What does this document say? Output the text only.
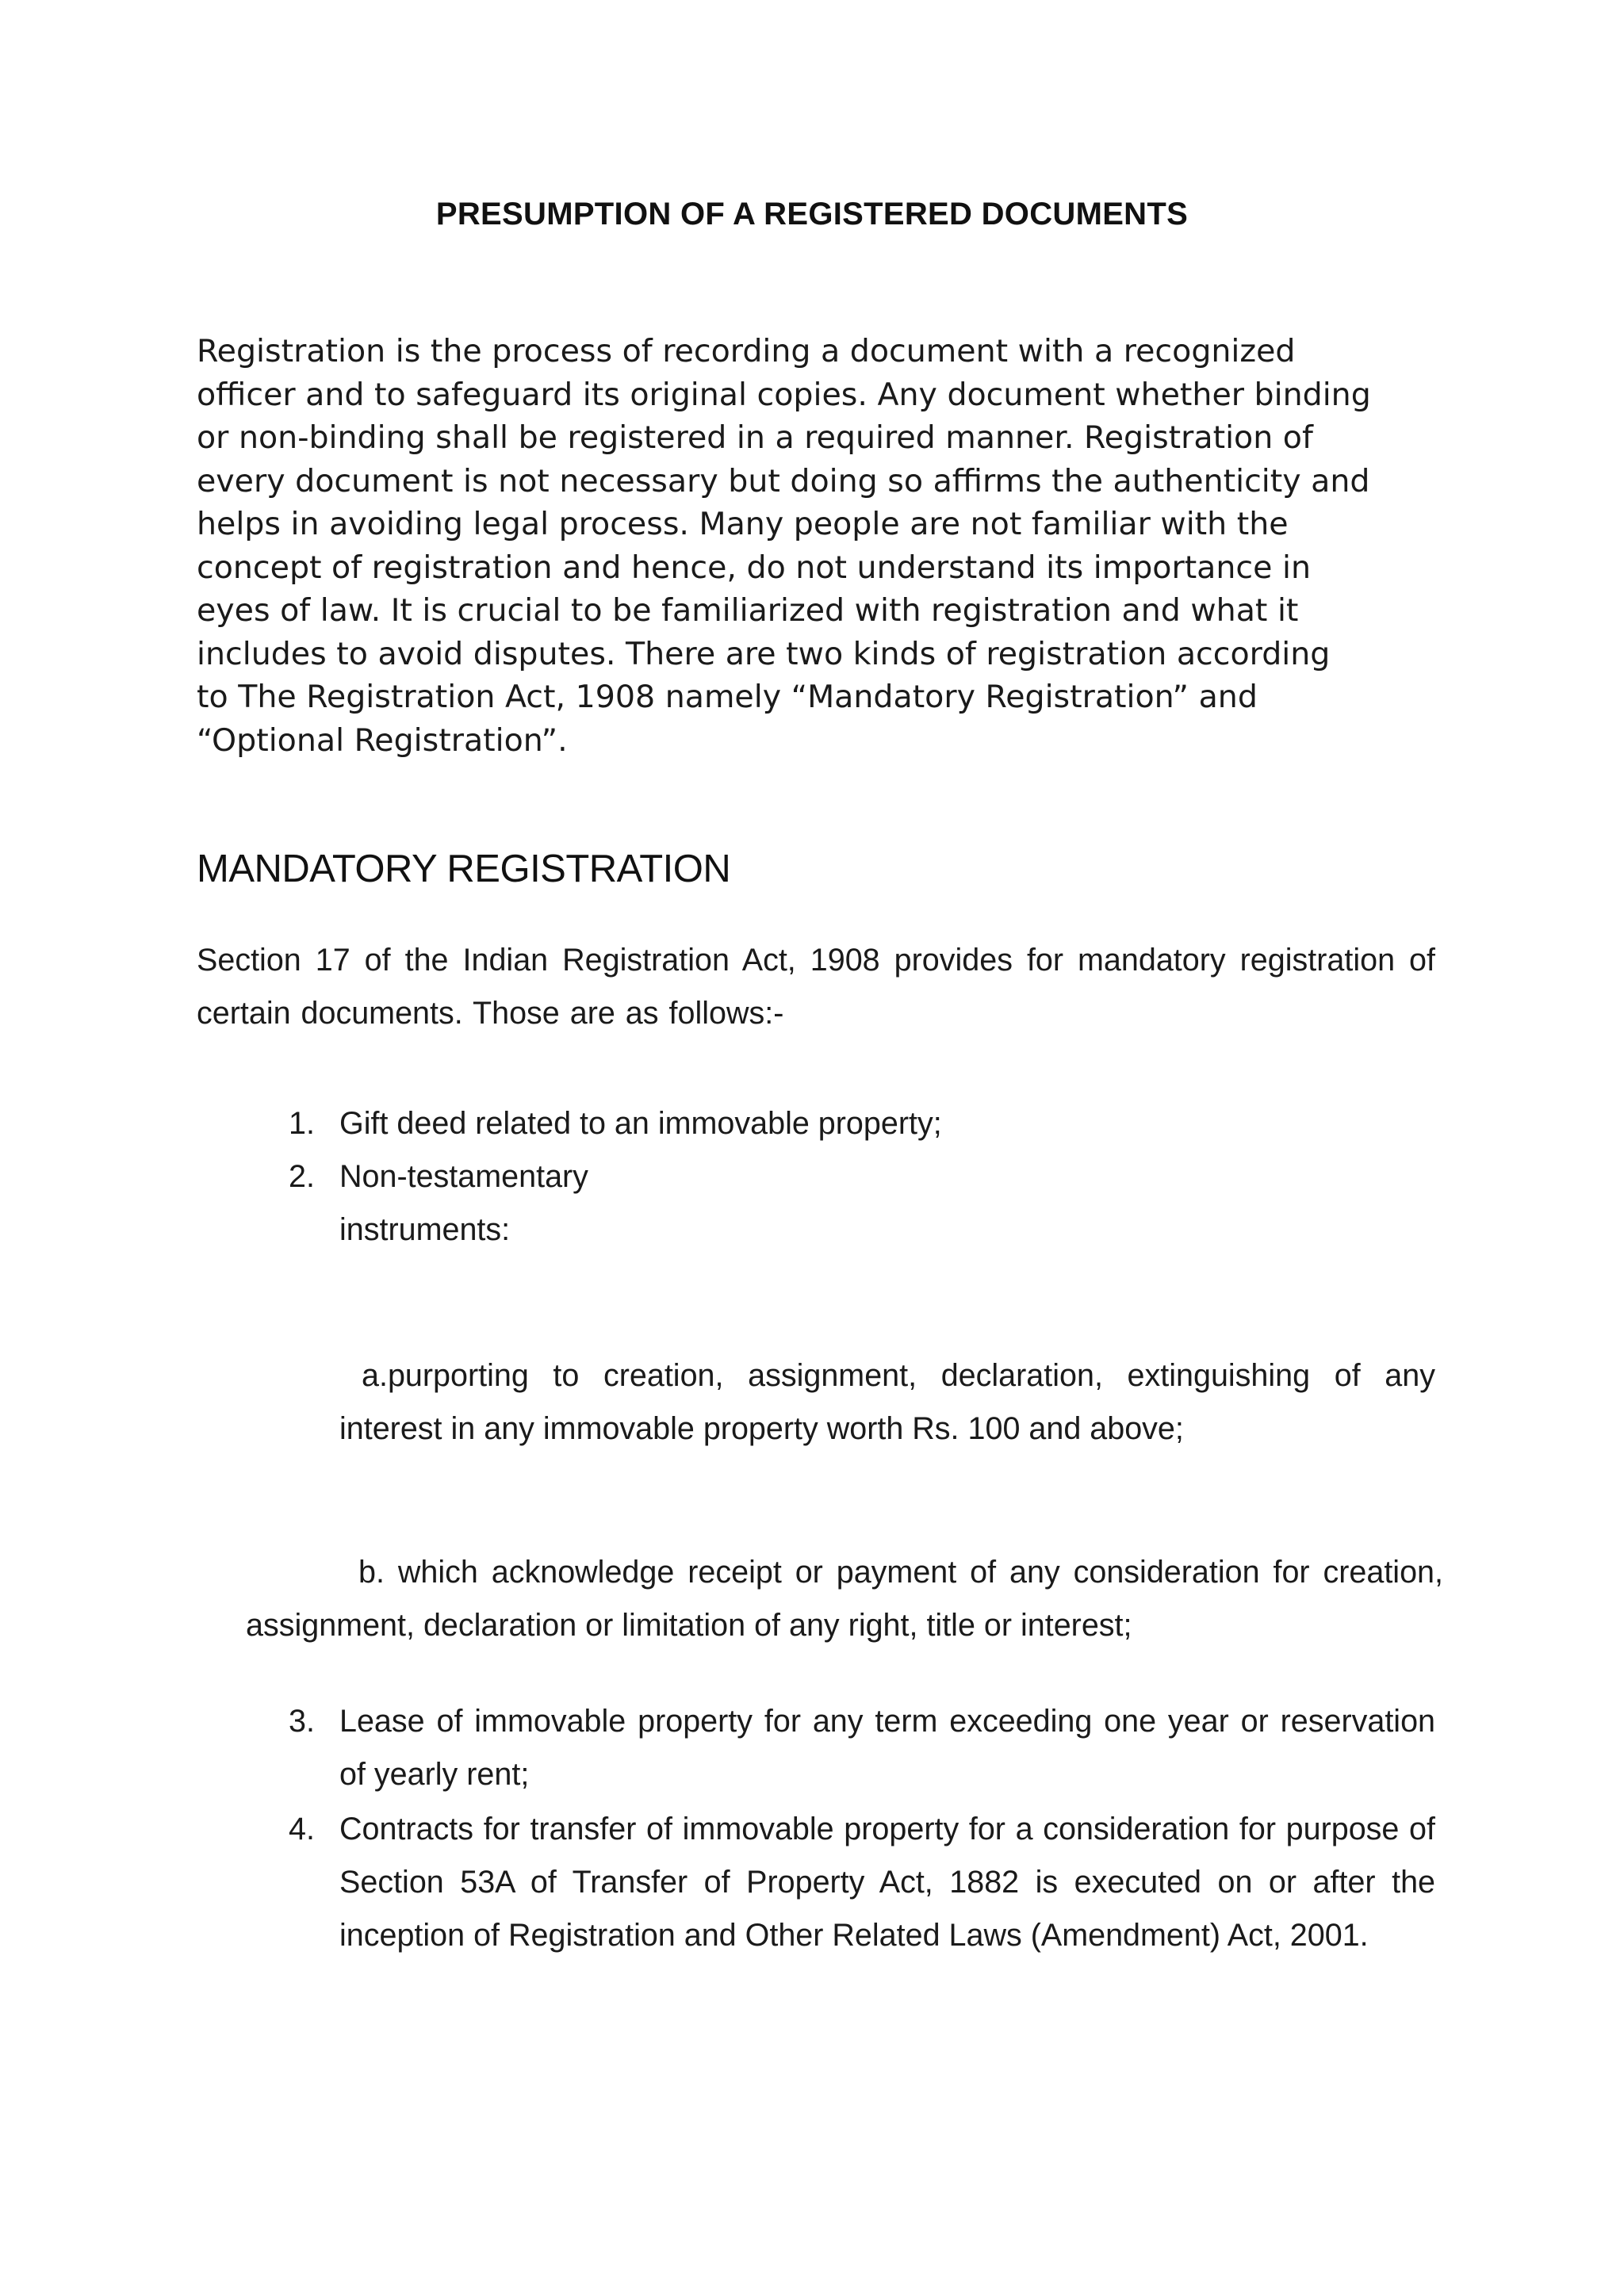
PRESUMPTION OF A REGISTERED DOCUMENTS
Registration is the process of recording a document with a recognized
officer and to safeguard its original copies. Any document whether binding
or non-binding shall be registered in a required manner. Registration of
every document is not necessary but doing so affirms the authenticity and
helps in avoiding legal process. Many people are not familiar with the
concept of registration and hence, do not understand its importance in
eyes of law. It is crucial to be familiarized with registration and what it
includes to avoid disputes. There are two kinds of registration according
to The Registration Act, 1908 namely “Mandatory Registration” and
“Optional Registration”.
MANDATORY REGISTRATION

Section 17 of the Indian Registration Act, 1908 provides for mandatory registration of certain documents. Those are as follows:-

1. Gift deed related to an immovable property;
2. Non-testamentary
instruments:

a.purporting to creation, assignment, declaration, extinguishing of any interest in any immovable property worth Rs. 100 and above;

b. which acknowledge receipt or payment of any consideration for creation, assignment, declaration or limitation of any right, title or interest;

3. Lease of immovable property for any term exceeding one year or reservation of yearly rent;
4. Contracts for transfer of immovable property for a consideration for purpose of Section 53A of Transfer of Property Act, 1882 is executed on or after the inception of Registration and Other Related Laws (Amendment) Act, 2001.
